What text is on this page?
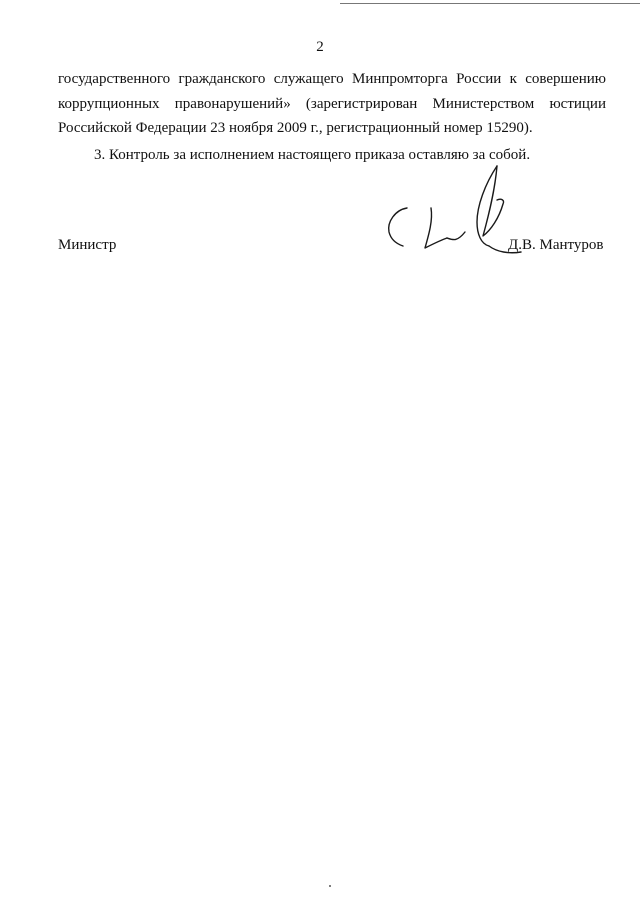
2
государственного гражданского служащего Минпромторга России к совершению
коррупционных правонарушений» (зарегистрирован Министерством юстиции
Российской Федерации 23 ноября 2009 г., регистрационный номер 15290).
3. Контроль за исполнением настоящего приказа оставляю за собой.
Министр	Д.В. Мантуров
